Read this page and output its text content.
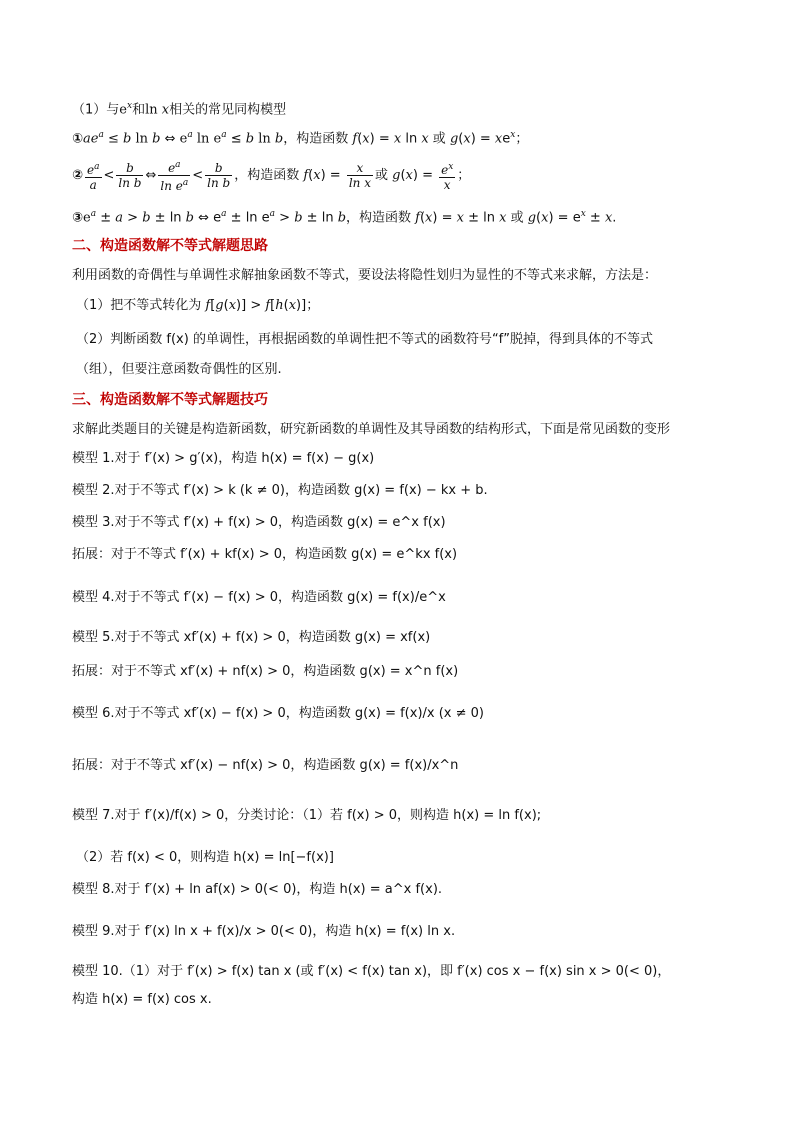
（1）与$e^x$和ln x相关的常见同构模型
$①ae^a \le b$ ln b ⇔ $e^a$ $\ln e^a \le b$ ln b，构造函数 f(x) = x ln x 或 $g(x) = xe^x$；
② $\frac{e^a}{a} < \frac{b}{\text{ln b}}$ ⇔ $\frac{e^a}{\ln e^a} < \frac{b}{\text{ln b}}$ ，构造函数 $f(x) = \frac{x}{\text{ln x}}$ 或 $g(x) = \frac{e^x}{x}$ ；
$③e^a \pm a > b \pm \ln b$ ⇔ $e^a \pm \ln e^a > b \pm \ln b$，构造函数 f(x) = x ± ln x 或 $g(x) = e^x \pm x$.
二、构造函数解不等式解题思路
利用函数的奇偶性与单调性求解抽象函数不等式，要设法将隐性划归为显性的不等式来求解，方法是：
（1）把不等式转化为 f[g(x)] > f[h(x)]；
（2）判断函数 f(x) 的单调性，再根据函数的单调性把不等式的函数符号“f”脱掉，得到具体的不等式
（组），但要注意函数奇偶性的区别.
三、构造函数解不等式解题技巧
求解此类题目的关键是构造新函数，研究新函数的单调性及其导函数的结构形式，下面是常见函数的变形
模型 1.对于 f′(x) > g′(x)，构造 h(x) = f(x) − g(x)
模型 2.对于不等式 f′(x) > k (k ≠ 0)，构造函数 g(x) = f(x) − kx + b.
模型 3.对于不等式 f′(x) + f(x) > 0，构造函数 g(x) = e^x f(x)
拓展：对于不等式 f′(x) + kf(x) > 0，构造函数 g(x) = e^kx f(x)
模型 4.对于不等式 f′(x) − f(x) > 0，构造函数 g(x) = f(x)/e^x
模型 5.对于不等式 xf′(x) + f(x) > 0，构造函数 g(x) = xf(x)
拓展：对于不等式 xf′(x) + nf(x) > 0，构造函数 g(x) = x^n f(x)
模型 6.对于不等式 xf′(x) − f(x) > 0，构造函数 g(x) = f(x)/x (x ≠ 0)
拓展：对于不等式 xf′(x) − nf(x) > 0，构造函数 g(x) = f(x)/x^n
模型 7.对于 f′(x)/f(x) > 0，分类讨论：（1）若 f(x) > 0，则构造 h(x) = ln f(x);
（2）若 f(x) < 0，则构造 h(x) = ln[−f(x)]
模型 8.对于 f′(x) + ln af(x) > 0(< 0)，构造 h(x) = a^x f(x).
模型 9.对于 f′(x) ln x + f(x)/x > 0(< 0)，构造 h(x) = f(x) ln x.
模型 10.（1）对于 f′(x) > f(x) tan x (或 f′(x) < f(x) tan x)，即 f′(x) cos x − f(x) sin x > 0(< 0)，
构造 h(x) = f(x) cos x.
